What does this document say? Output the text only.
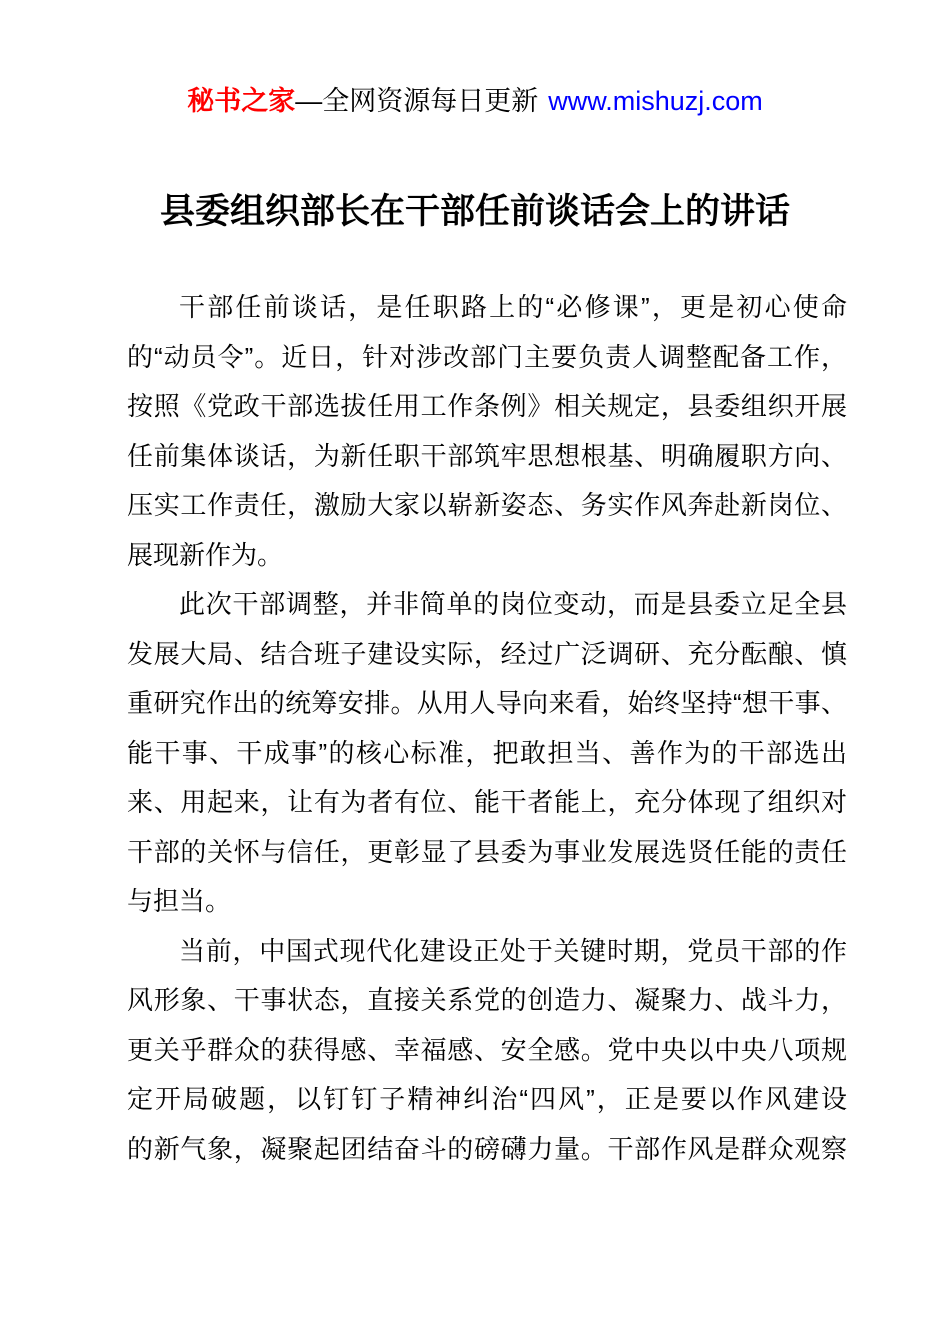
秘书之家—全网资源每日更新 www.mishuzj.com
县委组织部长在干部任前谈话会上的讲话
干部任前谈话，是任职路上的“必修课”，更是初心使命
的“动员令”。近日，针对涉改部门主要负责人调整配备工作，
按照《党政干部选拔任用工作条例》相关规定，县委组织开展
任前集体谈话，为新任职干部筑牢思想根基、明确履职方向、
压实工作责任，激励大家以崭新姿态、务实作风奔赴新岗位、
展现新作为。
此次干部调整，并非简单的岗位变动，而是县委立足全县
发展大局、结合班子建设实际，经过广泛调研、充分酝酿、慎
重研究作出的统筹安排。从用人导向来看，始终坚持“想干事、
能干事、干成事”的核心标准，把敢担当、善作为的干部选出
来、用起来，让有为者有位、能干者能上，充分体现了组织对
干部的关怀与信任，更彰显了县委为事业发展选贤任能的责任
与担当。
当前，中国式现代化建设正处于关键时期，党员干部的作
风形象、干事状态，直接关系党的创造力、凝聚力、战斗力，
更关乎群众的获得感、幸福感、安全感。党中央以中央八项规
定开局破题，以钉钉子精神纠治“四风”，正是要以作风建设
的新气象，凝聚起团结奋斗的磅礴力量。干部作风是群众观察
